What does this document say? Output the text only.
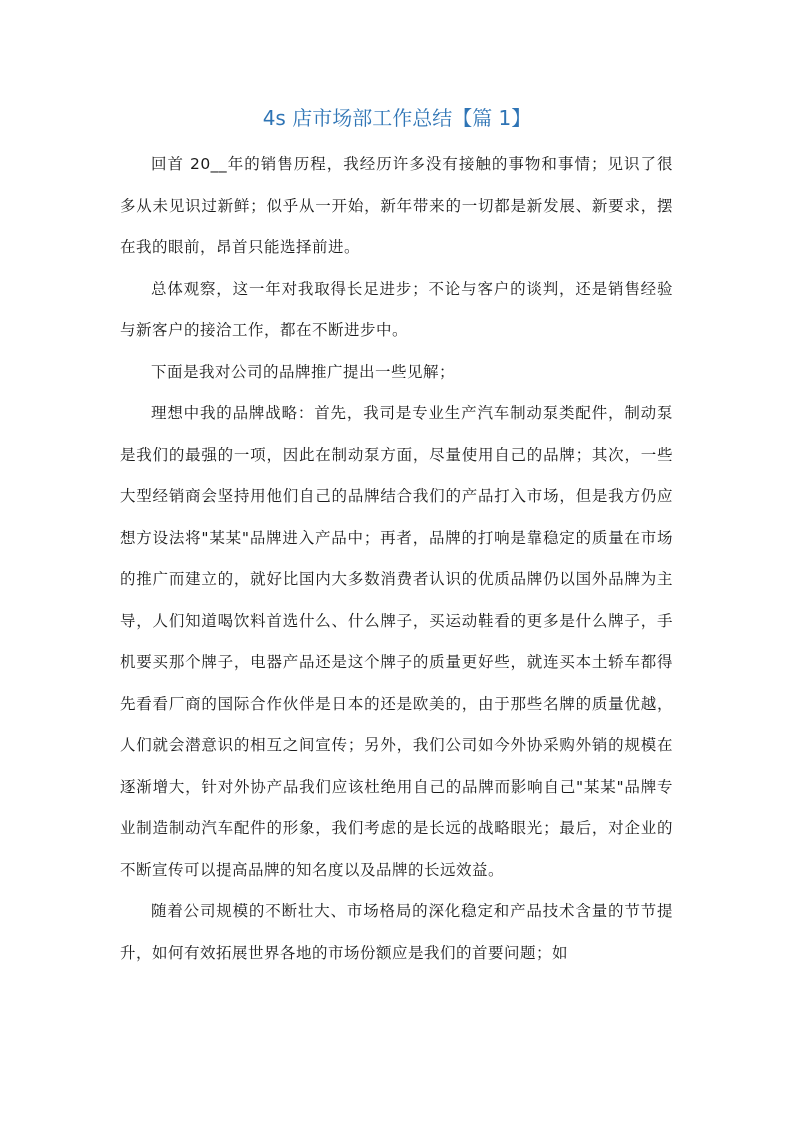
4s 店市场部工作总结【篇 1】

回首 20__年的销售历程，我经历许多没有接触的事物和事情；见识了很多从未见识过新鲜；似乎从一开始，新年带来的一切都是新发展、新要求，摆在我的眼前，昂首只能选择前进。

总体观察，这一年对我取得长足进步；不论与客户的谈判，还是销售经验与新客户的接洽工作，都在不断进步中。

下面是我对公司的品牌推广提出一些见解；

理想中我的品牌战略：首先，我司是专业生产汽车制动泵类配件，制动泵是我们的最强的一项，因此在制动泵方面，尽量使用自己的品牌；其次，一些大型经销商会坚持用他们自己的品牌结合我们的产品打入市场，但是我方仍应想方设法将"某某"品牌进入产品中；再者，品牌的打响是靠稳定的质量在市场的推广而建立的，就好比国内大多数消费者认识的优质品牌仍以国外品牌为主导，人们知道喝饮料首选什么、什么牌子，买运动鞋看的更多是什么牌子，手机要买那个牌子，电器产品还是这个牌子的质量更好些，就连买本土轿车都得先看看厂商的国际合作伙伴是日本的还是欧美的，由于那些名牌的质量优越，人们就会潜意识的相互之间宣传；另外，我们公司如今外协采购外销的规模在逐渐增大，针对外协产品我们应该杜绝用自己的品牌而影响自己"某某"品牌专业制造制动汽车配件的形象，我们考虑的是长远的战略眼光；最后，对企业的不断宣传可以提高品牌的知名度以及品牌的长远效益。

随着公司规模的不断壮大、市场格局的深化稳定和产品技术含量的节节提升，如何有效拓展世界各地的市场份额应是我们的首要问题；如
